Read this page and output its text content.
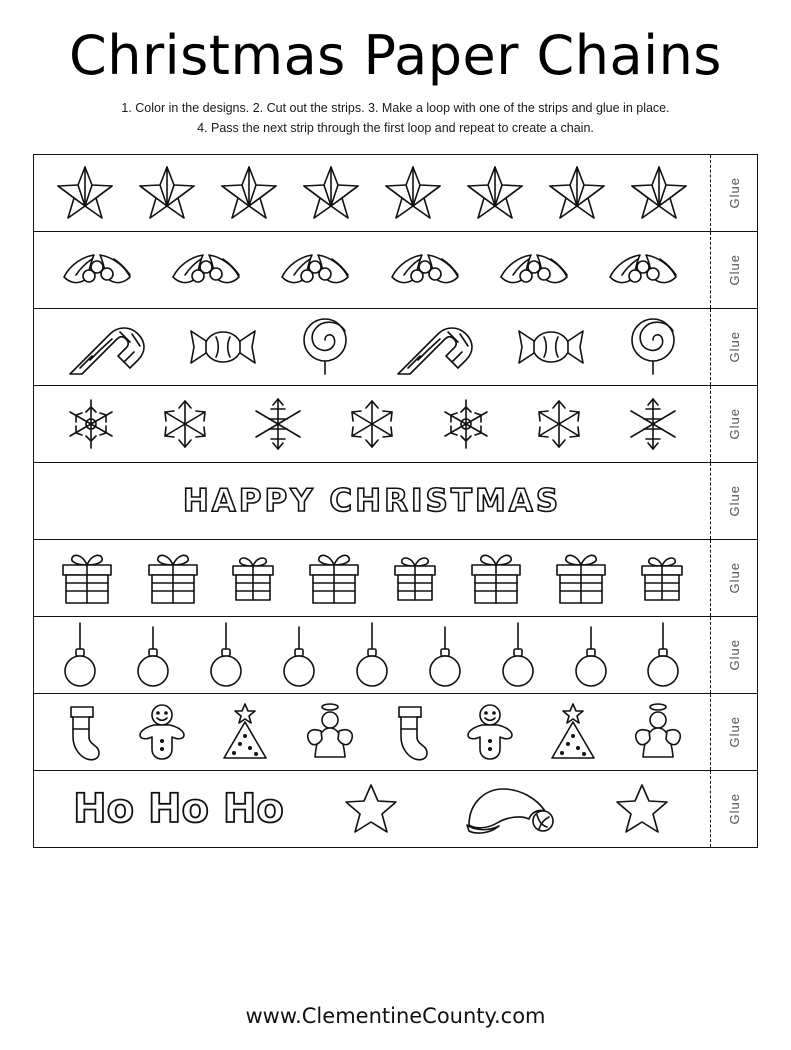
Christmas Paper Chains
1. Color in the designs. 2. Cut out the strips. 3. Make a loop with one of the strips and glue in place.
4. Pass the next strip through the first loop and repeat to create a chain.
Glue
Glue
Glue
Glue
HAPPY CHRISTMAS	Glue
Glue
Glue
Glue
Ho Ho Ho	Glue
www.ClementineCounty.com
